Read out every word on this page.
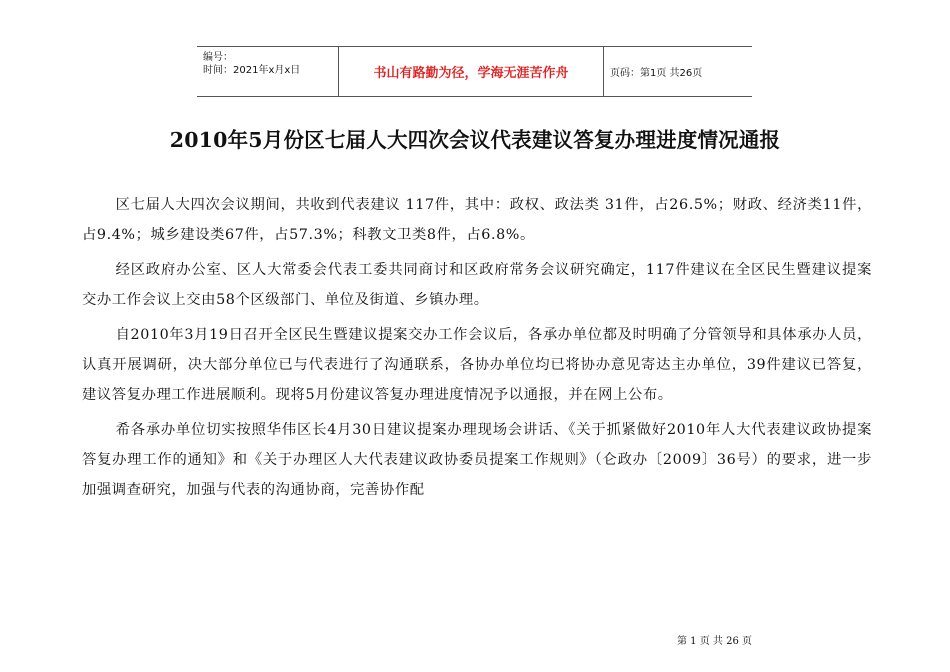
编号：
时间：2021年x月x日	书山有路勤为径，学海无涯苦作舟	页码：第1页 共26页
2010年5月份区七届人大四次会议代表建议答复办理进度情况通报

区七届人大四次会议期间，共收到代表建议 117件，其中：政权、政法类 31件，占26.5%；财政、经济类11件，占9.4%；城乡建设类67件，占57.3%；科教文卫类8件，占6.8%。

经区政府办公室、区人大常委会代表工委共同商讨和区政府常务会议研究确定，117件建议在全区民生暨建议提案交办工作会议上交由58个区级部门、单位及街道、乡镇办理。

自2010年3月19日召开全区民生暨建议提案交办工作会议后，各承办单位都及时明确了分管领导和具体承办人员，认真开展调研，决大部分单位已与代表进行了沟通联系，各协办单位均已将协办意见寄达主办单位，39件建议已答复，建议答复办理工作进展顺利。现将5月份建议答复办理进度情况予以通报，并在网上公布。

希各承办单位切实按照华伟区长4月30日建议提案办理现场会讲话、《关于抓紧做好2010年人大代表建议政协提案答复办理工作的通知》和《关于办理区人大代表建议政协委员提案工作规则》（仑政办〔2009〕36号）的要求，进一步加强调查研究，加强与代表的沟通协商，完善协作配

第 1 页 共 26 页
